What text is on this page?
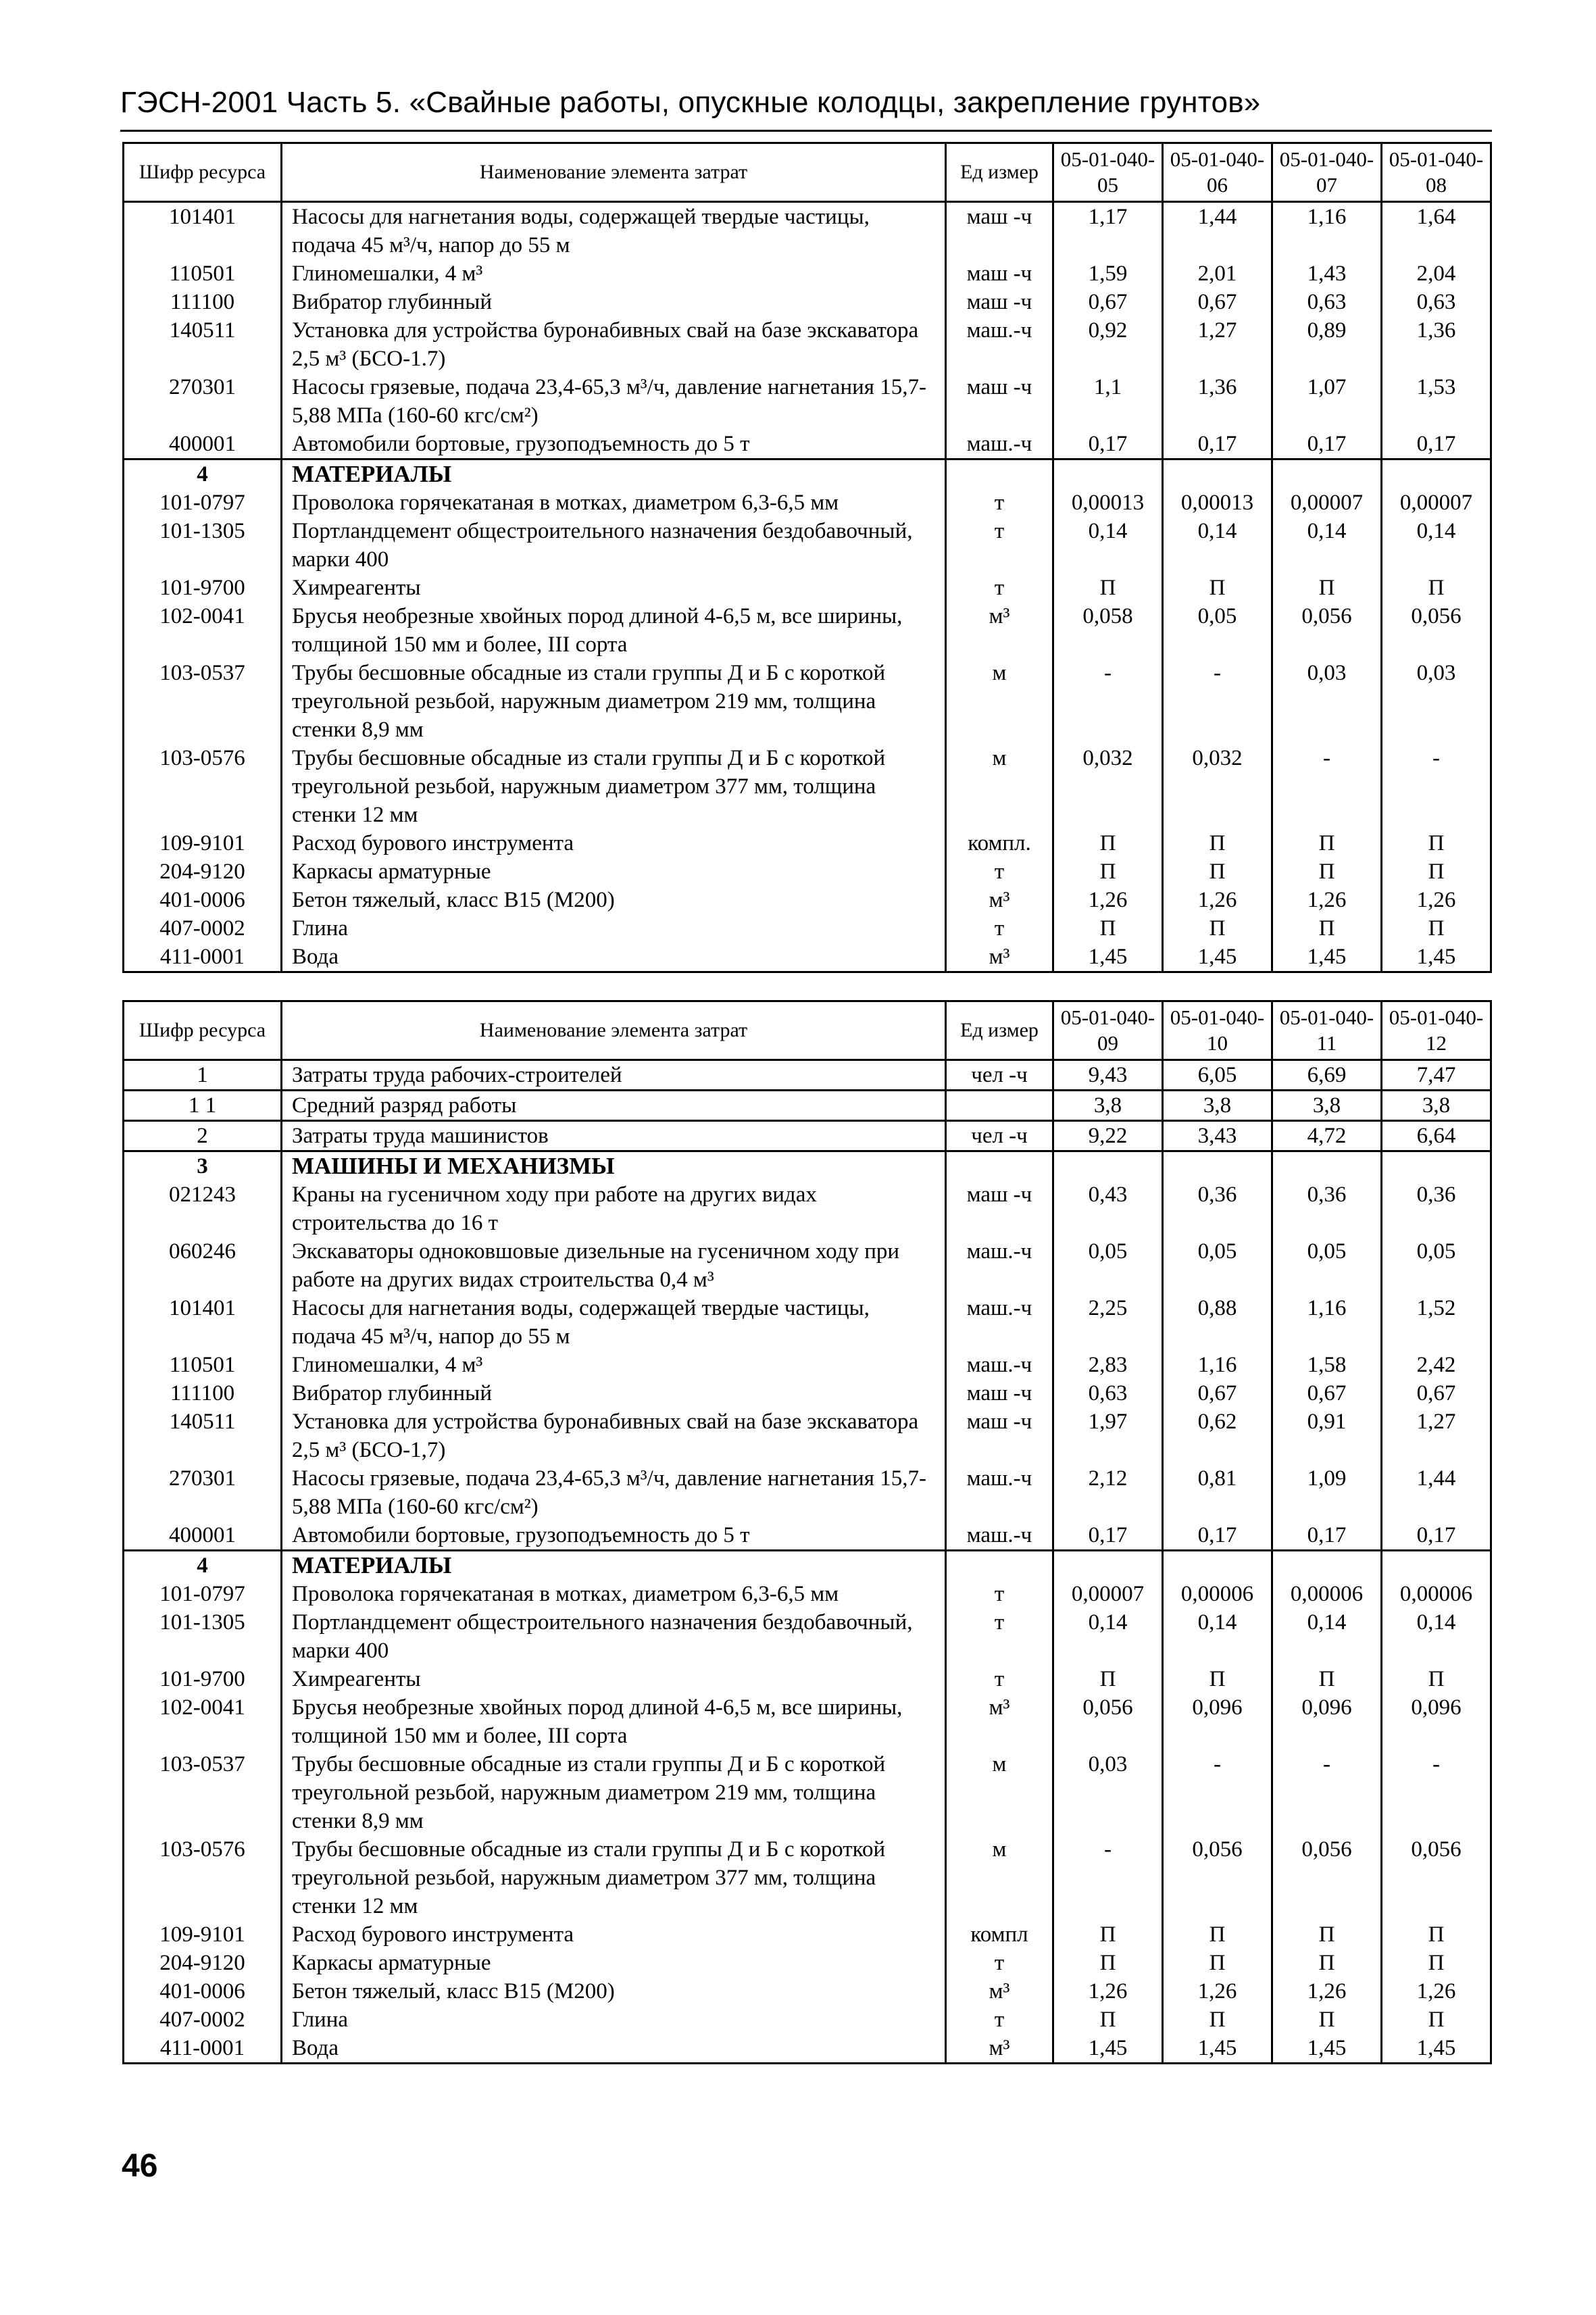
ГЭСН-2001 Часть 5. «Свайные работы, опускные колодцы, закрепление грунтов»
Шифр ресурса	Наименование элемента затрат	Ед измер	05-01-040-05	05-01-040-06	05-01-040-07	05-01-040-08
101401	Насосы для нагнетания воды, содержащей твердые частицы, подача 45 м³/ч, напор до 55 м	маш -ч	1,17	1,44	1,16	1,64
110501	Глиномешалки, 4 м³	маш -ч	1,59	2,01	1,43	2,04
111100	Вибратор глубинный	маш -ч	0,67	0,67	0,63	0,63
140511	Установка для устройства буронабивных свай на базе экскаватора 2,5 м³ (БСО-1.7)	маш.-ч	0,92	1,27	0,89	1,36
270301	Насосы грязевые, подача 23,4-65,3 м³/ч, давление нагнетания 15,7-5,88 МПа (160-60 кгс/см²)	маш -ч	1,1	1,36	1,07	1,53
400001	Автомобили бортовые, грузоподъемность до 5 т	маш.-ч	0,17	0,17	0,17	0,17
4	МАТЕРИАЛЫ					
101-0797	Проволока горячекатаная в мотках, диаметром 6,3-6,5 мм	т	0,00013	0,00013	0,00007	0,00007
101-1305	Портландцемент общестроительного назначения бездобавочный, марки 400	т	0,14	0,14	0,14	0,14
101-9700	Химреагенты	т	П	П	П	П
102-0041	Брусья необрезные хвойных пород длиной 4-6,5 м, все ширины, толщиной 150 мм и более, III сорта	м³	0,058	0,05	0,056	0,056
103-0537	Трубы бесшовные обсадные из стали группы Д и Б с короткой треугольной резьбой, наружным диаметром 219 мм, толщина стенки 8,9 мм	м	-	-	0,03	0,03
103-0576	Трубы бесшовные обсадные из стали группы Д и Б с короткой треугольной резьбой, наружным диаметром 377 мм, толщина стенки 12 мм	м	0,032	0,032	-	-
109-9101	Расход бурового инструмента	компл.	П	П	П	П
204-9120	Каркасы арматурные	т	П	П	П	П
401-0006	Бетон тяжелый, класс В15 (М200)	м³	1,26	1,26	1,26	1,26
407-0002	Глина	т	П	П	П	П
411-0001	Вода	м³	1,45	1,45	1,45	1,45
Шифр ресурса	Наименование элемента затрат	Ед измер	05-01-040-09	05-01-040-10	05-01-040-11	05-01-040-12
1	Затраты труда рабочих-строителей	чел -ч	9,43	6,05	6,69	7,47
1 1	Средний разряд работы		3,8	3,8	3,8	3,8
2	Затраты труда машинистов	чел -ч	9,22	3,43	4,72	6,64
3	МАШИНЫ И МЕХАНИЗМЫ					
021243	Краны на гусеничном ходу при работе на других видах строительства до 16 т	маш -ч	0,43	0,36	0,36	0,36
060246	Экскаваторы одноковшовые дизельные на гусеничном ходу при работе на других видах строительства 0,4 м³	маш.-ч	0,05	0,05	0,05	0,05
101401	Насосы для нагнетания воды, содержащей твердые частицы, подача 45 м³/ч, напор до 55 м	маш.-ч	2,25	0,88	1,16	1,52
110501	Глиномешалки, 4 м³	маш.-ч	2,83	1,16	1,58	2,42
111100	Вибратор глубинный	маш -ч	0,63	0,67	0,67	0,67
140511	Установка для устройства буронабивных свай на базе экскаватора 2,5 м³ (БСО-1,7)	маш -ч	1,97	0,62	0,91	1,27
270301	Насосы грязевые, подача 23,4-65,3 м³/ч, давление нагнетания 15,7-5,88 МПа (160-60 кгс/см²)	маш.-ч	2,12	0,81	1,09	1,44
400001	Автомобили бортовые, грузоподъемность до 5 т	маш.-ч	0,17	0,17	0,17	0,17
4	МАТЕРИАЛЫ					
101-0797	Проволока горячекатаная в мотках, диаметром 6,3-6,5 мм	т	0,00007	0,00006	0,00006	0,00006
101-1305	Портландцемент общестроительного назначения бездобавочный, марки 400	т	0,14	0,14	0,14	0,14
101-9700	Химреагенты	т	П	П	П	П
102-0041	Брусья необрезные хвойных пород длиной 4-6,5 м, все ширины, толщиной 150 мм и более, III сорта	м³	0,056	0,096	0,096	0,096
103-0537	Трубы бесшовные обсадные из стали группы Д и Б с короткой треугольной резьбой, наружным диаметром 219 мм, толщина стенки 8,9 мм	м	0,03	-	-	-
103-0576	Трубы бесшовные обсадные из стали группы Д и Б с короткой треугольной резьбой, наружным диаметром 377 мм, толщина стенки 12 мм	м	-	0,056	0,056	0,056
109-9101	Расход бурового инструмента	компл	П	П	П	П
204-9120	Каркасы арматурные	т	П	П	П	П
401-0006	Бетон тяжелый, класс В15 (М200)	м³	1,26	1,26	1,26	1,26
407-0002	Глина	т	П	П	П	П
411-0001	Вода	м³	1,45	1,45	1,45	1,45
46
